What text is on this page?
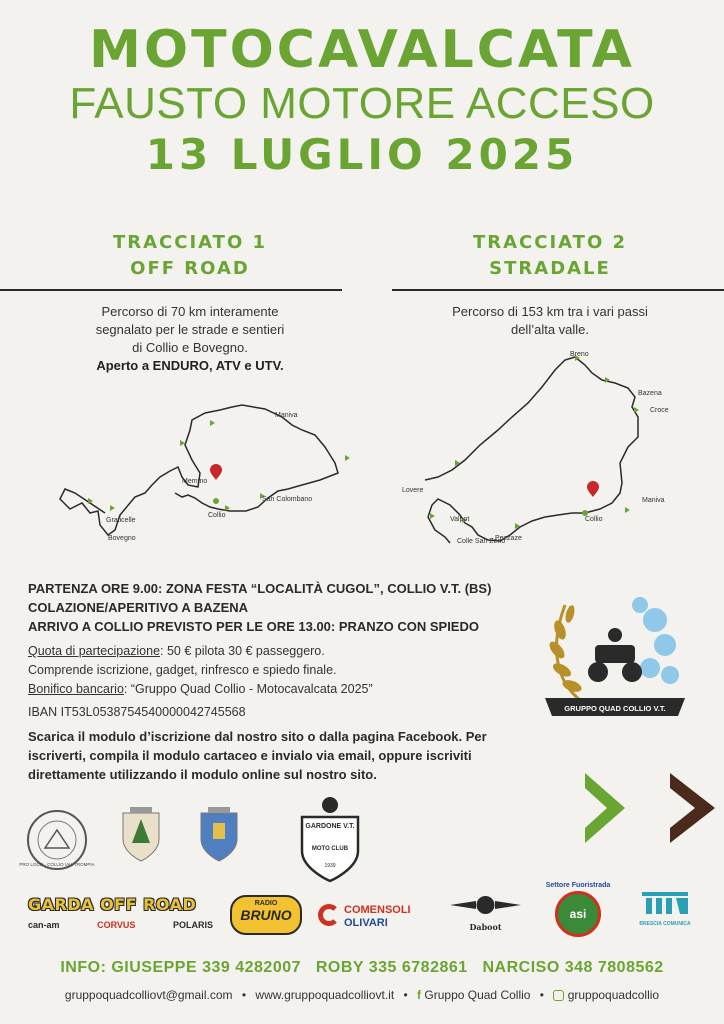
MOTOCAVALCATA
FAUSTO MOTORE ACCESO
13 LUGLIO 2025
TRACCIATO 1
OFF ROAD
TRACCIATO 2
STRADALE
Percorso di 70 km interamente
segnalato per le strade e sentieri
di Collio e Bovegno.
Aperto a ENDURO, ATV e UTV.
Percorso di 153 km tra i vari passi
dell’alta valle.
Maniva
Memmo
Collio
San Colombano
Graticelle
Bovegno
Breno
Bazena
Croce
Lovere
Maniva
Collio
Valpot
Colle San Zeno
Pezzaze
PARTENZA ORE 9.00: ZONA FESTA “LOCALITÀ CUGOL”, COLLIO V.T. (BS)
COLAZIONE/APERITIVO A BAZENA
ARRIVO A COLLIO PREVISTO PER LE ORE 13.00: PRANZO CON SPIEDO
Quota di partecipazione: 50 € pilota 30 € passeggero.
Comprende iscrizione, gadget, rinfresco e spiedo finale.
Bonifico bancario: “Gruppo Quad Collio - Motocavalcata 2025”
IBAN IT53L0538754540000042745568
Scarica il modulo d’iscrizione dal nostro sito o dalla pagina Facebook. Per iscriverti, compila il modulo cartaceo e invialo via email, oppure iscriviti direttamente utilizzando il modulo online sul nostro sito.
GRUPPO QUAD COLLIO V.T.
PRO LOCO · COLLIO VAL TROMPIA
GARDONE V.T.
MOTO CLUB
1939
GARDA OFF ROAD
can-am	CORVUS	POLARIS
RADIO
BRUNO	COMENSOLI
OLIVARI	Daboot
Settore Fuoristrada
asi
BRESCIA COMUNICA
INFO: GIUSEPPE 339 4282007   ROBY 335 6782861   NARCISO 348 7808562
gruppoquadcolliovt@gmail.com • www.gruppoquadcolliovt.it • f Gruppo Quad Collio • gruppoquadcollio
